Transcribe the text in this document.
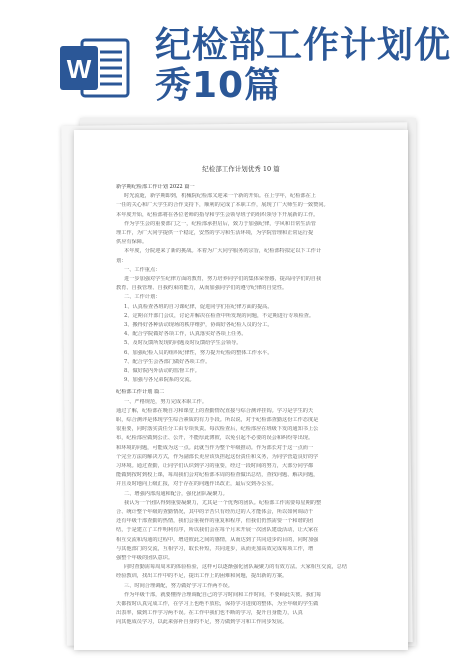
W
纪检部工作计划优
秀10篇
纪检部工作计划优秀 10 篇
新学期纪检部工作计划 2022 篇一
时光流逝，新学期即到，机械院纪检部又迎来一个新的开始。在上学年，纪检部在上
一任的关心和广大学生的合作支持下，顺利的完成了本职工作，展现了广大师生的一致赞同。
本年度开始，纪检部将在各位老师的指导和学生会领导班子的组织领导下开展新的工作。
作为学生会的重要部门之一，纪检部承担启后，致力于加强纪律，学风和日常生活管
理工作，为广大同学提供一个稳定，安然的学习和生活环境，为学院管理和正常运行提
供应有保障。
本年度，分院迎来了新的挑战。本着为广大同学服务的宗旨，纪检部特拟定以下工作计
划：
一、工作重点：
进一步加强对学生纪律方面的教育，努力培养同学们的集体荣誉感，提高同学们的自我
教育、自我管理、自我约束的能力，从而加强同学们的遵守纪律的自觉性。
二、工作计划：
1、认真检查各班的自习课纪律，促进同学们在纪律方面的提高。
2、定期召开部门会议，讨论并解决在检查中所发现的问题，不定期进行专项检查。
3、搬得好各种活动现场的秩序维护，协调好各纪检人员的分工。
4、配合学院做好各项工作，认真落实好各项上任务。
5、及时反馈所发现的问题及时反馈给学生会领导。
6、加强纪检人员的组织纪律性，努力提升纪检的整体工作水平。
7、配合学生会各部门做好各项工作。
8、做好院内外活动的监督工作。
9、加强与各兄弟院系的交流。
纪检部工作计划 篇二
一、严格规范，努力完成本职工作。
通过了解，纪检部在晚自习和课堂上的查勤情况直接与综合测评挂钩。学习是学生的天
职，综合测评是体现学生综合素质的有力手段。所以说，对于纪检部查勤这份工作态度是
很重要，同时落实责任分工由专项负责。每次检查后，纪检部应在班级下发的通知书上公
布，纪检部应做到公正、公开，不能厚此薄彼，以免引起不必要的误会和纠纷等出现。
和环境的问题，可能成为这一点。此就当作为整个年级推动。作为部长对于这一点而一
个完全方法的解决方式，作为副部长更应该负担起这份责任和义务，为同学营造良好的学
习环境。通过查勤，让同学们认识到学习的重要，经过一段时间的努力，大部分同学都
能做到按时到校上课，每周我们会对纪检部本周的检查做出总结，查找问题、解决问题，
并且及时地向上级汇报，对于存在的问题作出改正，最后交到办公室。
二、增强内部沟通和配合，强化团队凝聚力。
我认为一个团队得到重要凝聚力，尤其是一个优秀的团队。纪检部工作需要每星期的整
合、统计整个年级的查勤情况，其中的辛苦只有经历过的人才能体会，所以如何调动干
还有年级干部查勤的热情，我们会重视作的重复和程序，但我们仍然需要一个和谐的团
结，于是建立了工作明利有序，所以我们会在每个月末开展一次团队建设活动，让大家在
相互交流和沟通的过程中，增进彼此之间的感情，从而达到了共同进步的目的，同时加强
与其他部门的交流，互相学习，取长补短，共同进步，从而更加高效完成每项工作，增
强整个年级的团队意识。
同时查勤需每周周末的体验检验，这样可以逐渐强化团队凝聚力的有效方法。大家相互交流，总结
经验教训，找出工作中的不足，提出工作上的困难和问题，提出新的方案。
三、时间合理调配，努力做好学习工作两不误。
作为年级干部，就要懂得合理调配自己的学习时间和工作时间，不要顾此失彼。我们每
天都按时认真完成工作，在学习上也绝不放松，保持学习进度的整体，为全年级的学生做
出表率，做到工作学习两不误。在工作中我们也不断的学习，提升自身能力，认真
向其他成员学习，以此来弥补自身的不足，努力做到学习和工作同步发展。
